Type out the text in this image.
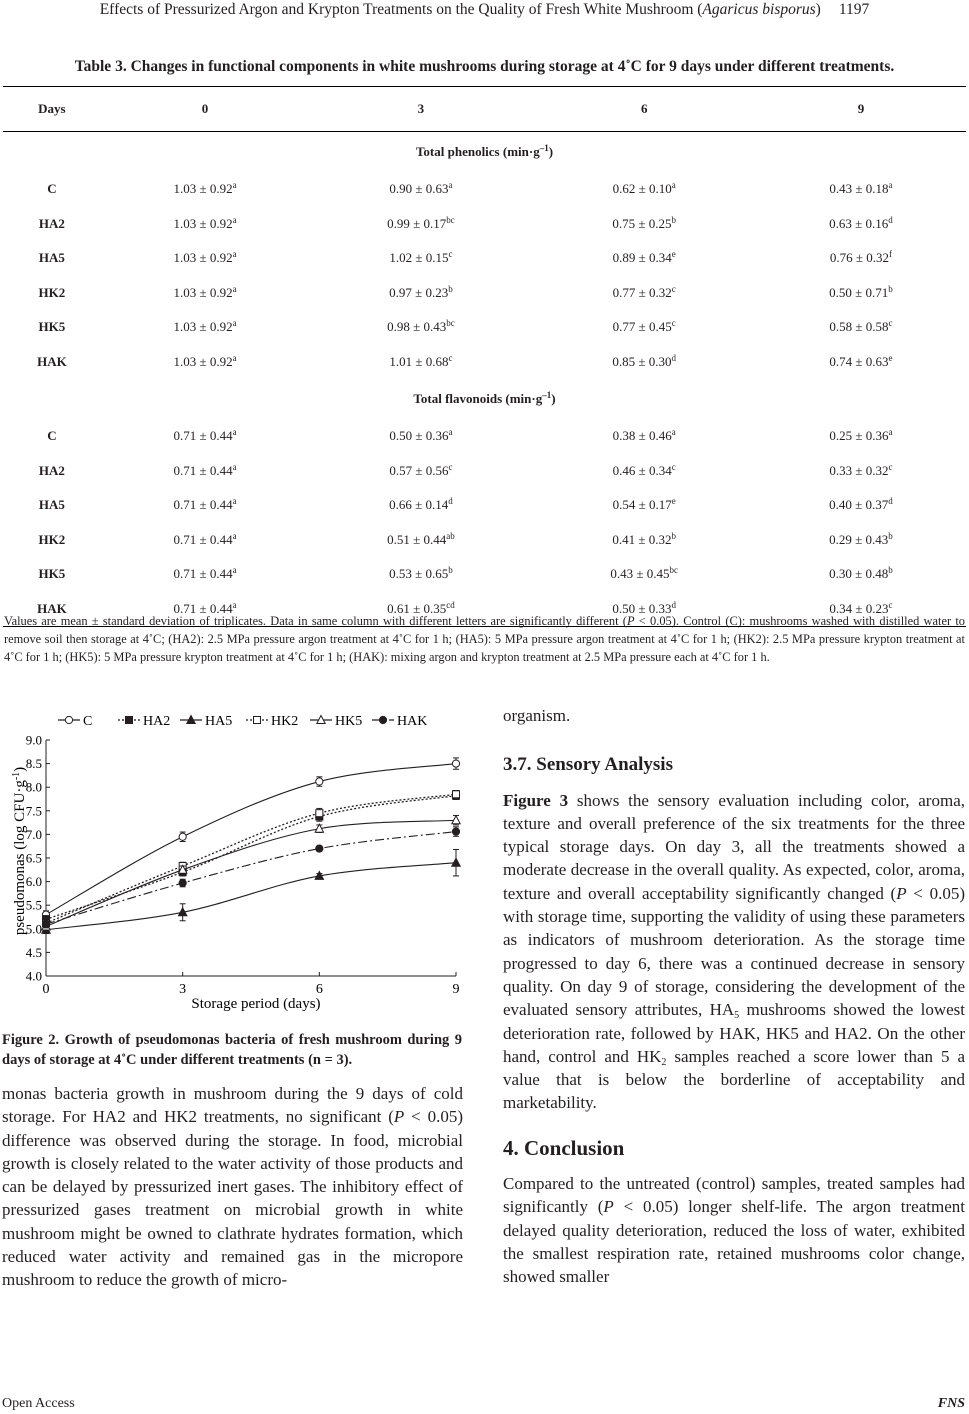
Effects of Pressurized Argon and Krypton Treatments on the Quality of Fresh White Mushroom (Agaricus bisporus) 1197
Table 3. Changes in functional components in white mushrooms during storage at 4˚C for 9 days under different treatments.
Days	0	3	6	9
Total phenolics $(\min\cdot g^{-1})$				
C	1.03 ± 0.92$^a$	0.90 ± 0.63$^a$	0.62 ± 0.10$^a$	0.43 ± 0.18$^a$
HA2	1.03 ± 0.92$^a$	0.99 ± 0.17$^{bc}$	0.75 ± 0.25$^b$	0.63 ± 0.16$^d$
HA5	1.03 ± 0.92$^a$	1.02 ± 0.15$^c$	0.89 ± 0.34$^e$	0.76 ± 0.32$^f$
HK2	1.03 ± 0.92$^a$	0.97 ± 0.23$^b$	0.77 ± 0.32$^c$	0.50 ± 0.71$^b$
HK5	1.03 ± 0.92$^a$	0.98 ± 0.43$^{bc}$	0.77 ± 0.45$^c$	0.58 ± 0.58$^c$
HAK	1.03 ± 0.92$^a$	1.01 ± 0.68$^c$	0.85 ± 0.30$^d$	0.74 ± 0.63$^e$
Total flavonoids $(\min\cdot g^{-1})$				
C	0.71 ± 0.44$^a$	0.50 ± 0.36$^a$	0.38 ± 0.46$^a$	0.25 ± 0.36$^a$
HA2	0.71 ± 0.44$^a$	0.57 ± 0.56$^c$	0.46 ± 0.34$^c$	0.33 ± 0.32$^c$
HA5	0.71 ± 0.44$^a$	0.66 ± 0.14$^d$	0.54 ± 0.17$^e$	0.40 ± 0.37$^d$
HK2	0.71 ± 0.44$^a$	0.51 ± 0.44$^{ab}$	0.41 ± 0.32$^b$	0.29 ± 0.43$^b$
HK5	0.71 ± 0.44$^a$	0.53 ± 0.65$^b$	0.43 ± 0.45$^{bc}$	0.30 ± 0.48$^b$
HAK	0.71 ± 0.44$^a$	0.61 ± 0.35$^{cd}$	0.50 ± 0.33$^d$	0.34 ± 0.23$^c$
Values are mean ± standard deviation of triplicates. Data in same column with different letters are significantly different (P < 0.05). Control (C): mushrooms washed with distilled water to remove soil then storage at 4˚C; (HA2): 2.5 MPa pressure argon treatment at 4˚C for 1 h; (HA5): 5 MPa pressure argon treatment at 4˚C for 1 h; (HK2): 2.5 MPa pressure krypton treatment at 4˚C for 1 h; (HK5): 5 MPa pressure krypton treatment at 4˚C for 1 h; (HAK): mixing argon and krypton treatment at 2.5 MPa pressure each at 4˚C for 1 h.
C	HA2 HA5	HK2	HK5 HAK
4.0
4.5
5.0
5.5
6.0
6.5
7.0
7.5
8.0
8.5
9.0
0	3	6	9
pseudomonas (log $CFU\cdot g^{-1}$)
Storage period (days)
Figure 2. Growth of pseudomonas bacteria of fresh mushroom during 9 days of storage at 4˚C under different treatments (n = 3).

monas bacteria growth in mushroom during the 9 days of cold storage. For HA2 and HK2 treatments, no significant (P < 0.05) difference was observed during the storage. In food, microbial growth is closely related to the water activity of those products and can be delayed by pressurized inert gases. The inhibitory effect of pressurized gases treatment on microbial growth in white mushroom might be owned to clathrate hydrates formation, which reduced water activity and remained gas in the micropore mushroom to reduce the growth of micro-

organism.

3.7. Sensory Analysis

Figure 3 shows the sensory evaluation including color, aroma, texture and overall preference of the six treatments for the three typical storage days. On day 3, all the treatments showed a moderate decrease in the overall quality. As expected, color, aroma, texture and overall acceptability significantly changed (P < 0.05) with storage time, supporting the validity of using these parameters as indicators of mushroom deterioration. As the storage time progressed to day 6, there was a continued decrease in sensory quality. On day 9 of storage, considering the development of the evaluated sensory attributes, $HA_5$ mushrooms showed the lowest deterioration rate, followed by HAK, HK5 and HA2. On the other hand, control and $HK_2$ samples reached a score lower than 5 a value that is below the borderline of acceptability and marketability.

4. Conclusion

Compared to the untreated (control) samples, treated samples had significantly (P < 0.05) longer shelf-life. The argon treatment delayed quality deterioration, reduced the loss of water, exhibited the smallest respiration rate, retained mushrooms color change, showed smaller

Open Access	FNS
